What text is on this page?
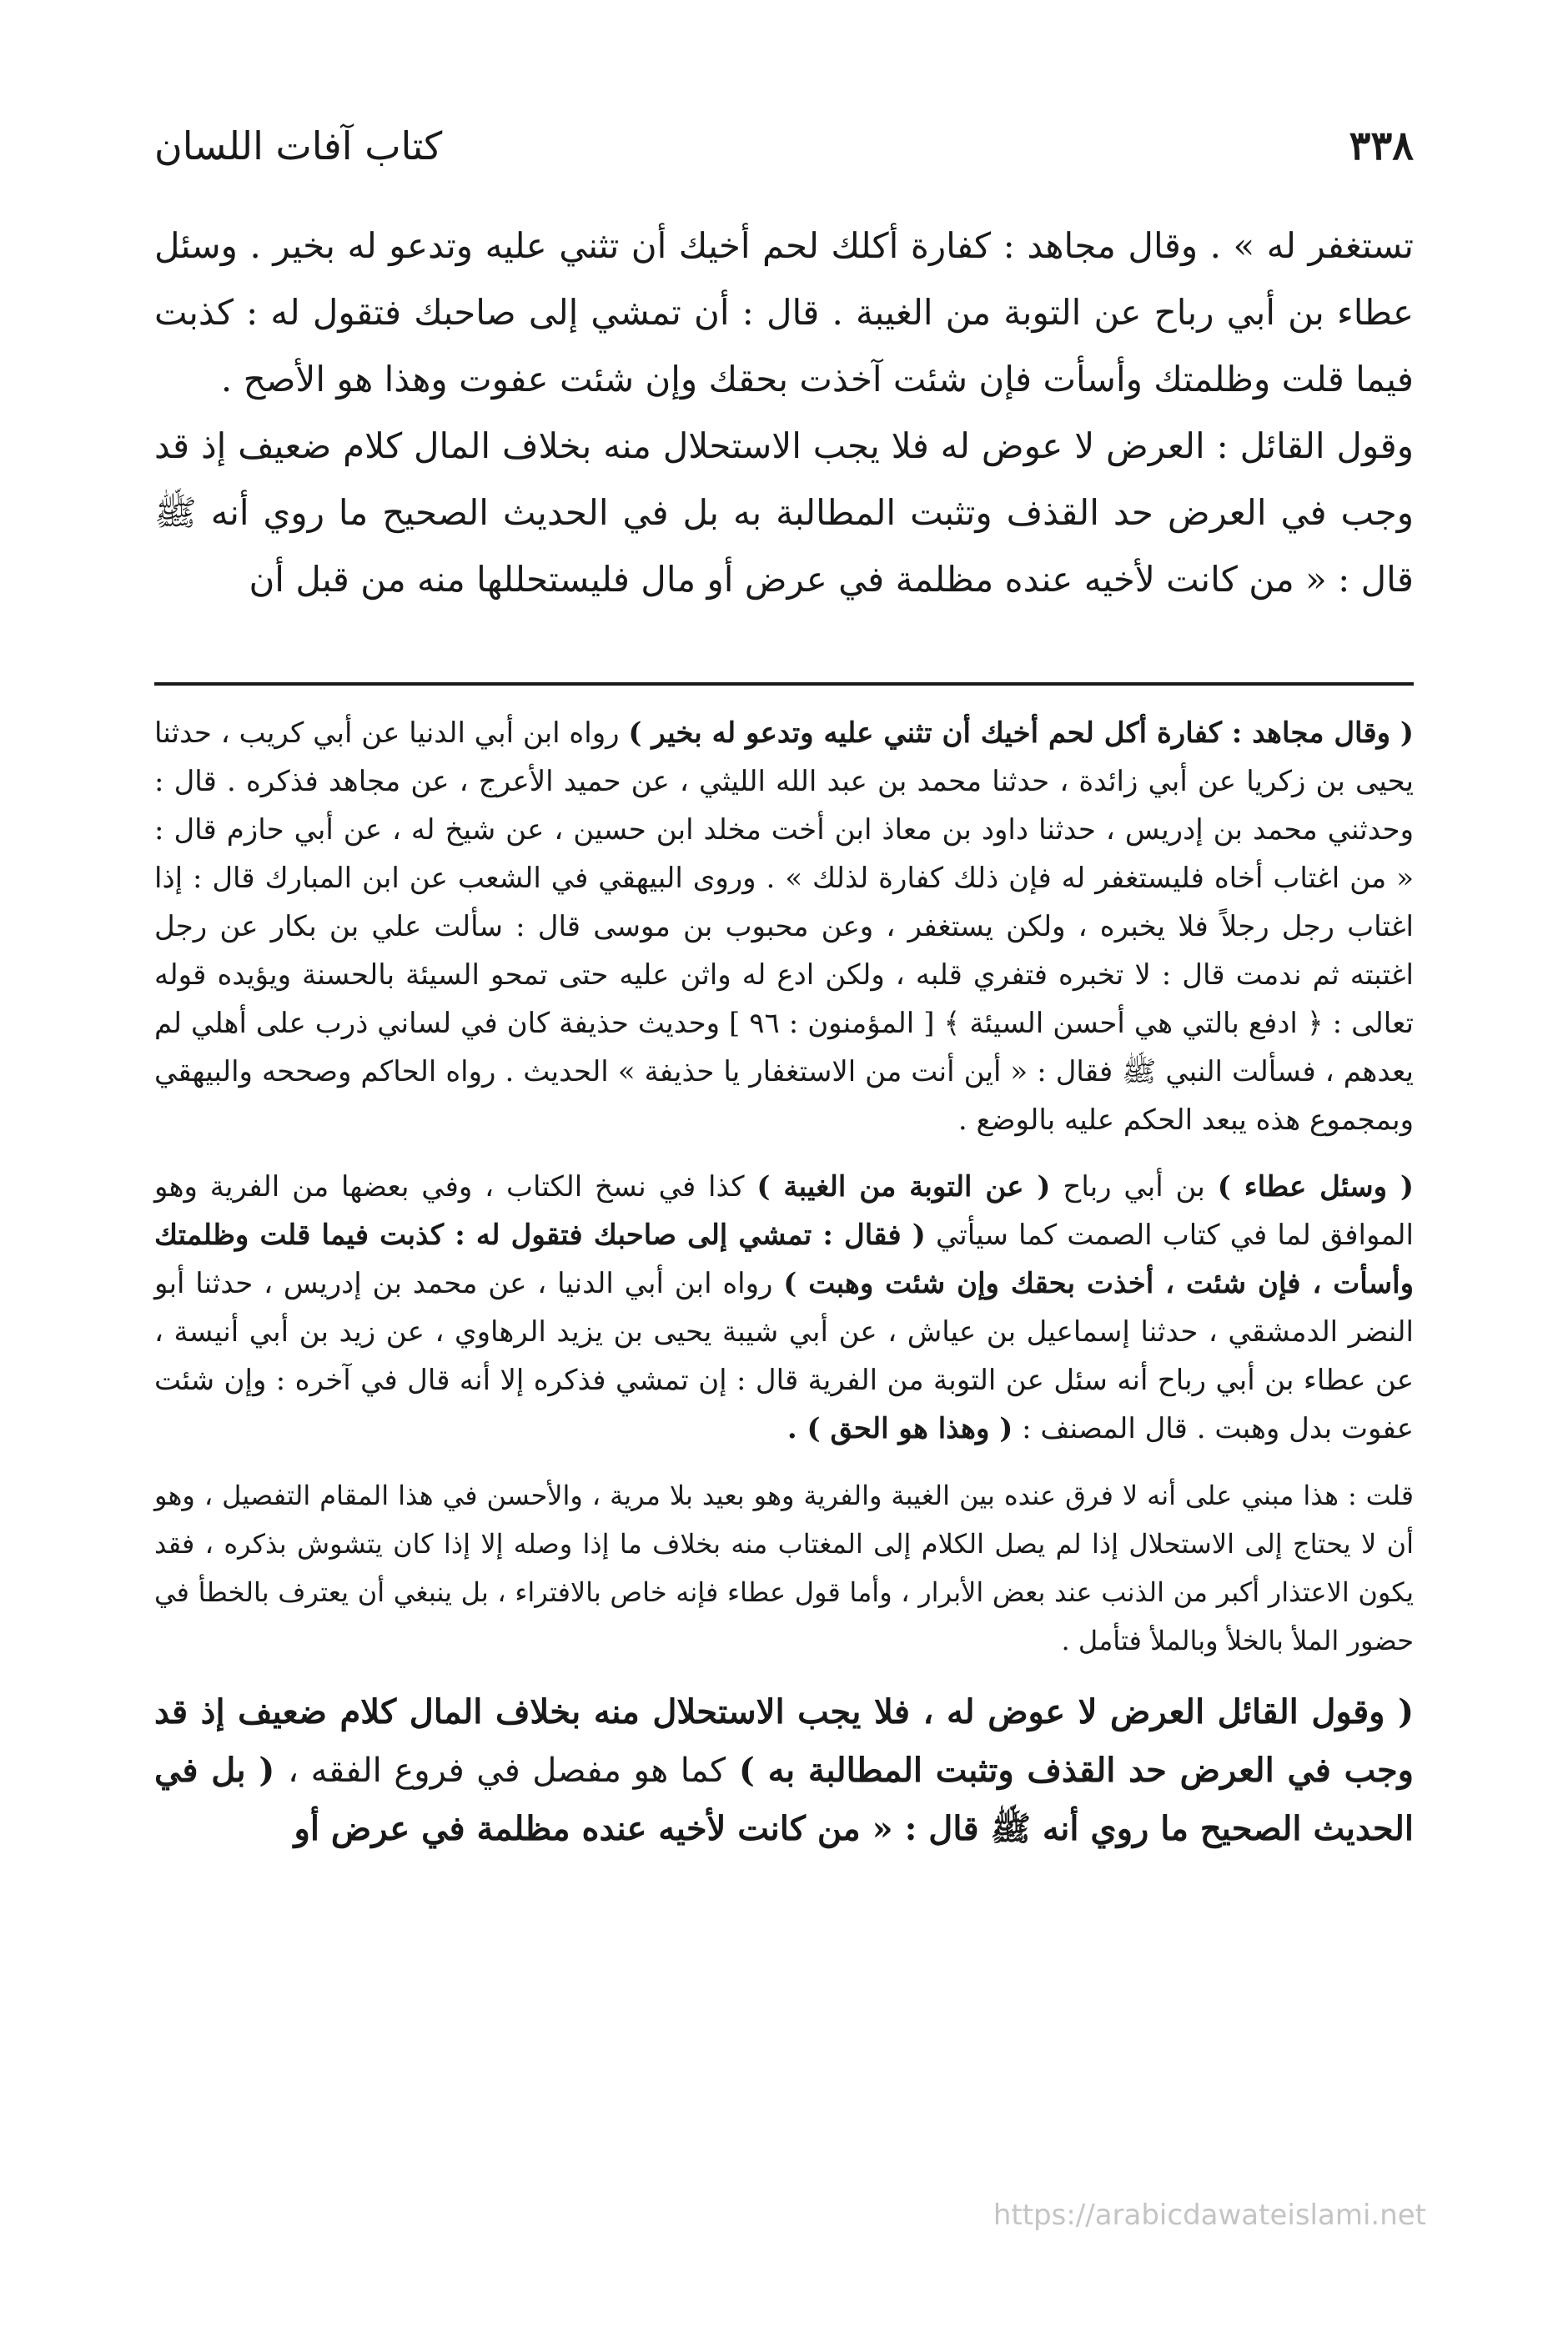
٣٣٨
كتاب آفات اللسان

تستغفر له » . وقال مجاهد : كفارة أكلك لحم أخيك أن تثني عليه وتدعو له بخير . وسئل عطاء بن أبي رباح عن التوبة من الغيبة . قال : أن تمشي إلى صاحبك فتقول له : كذبت فيما قلت وظلمتك وأسأت فإن شئت آخذت بحقك وإن شئت عفوت وهذا هو الأصح .

وقول القائل : العرض لا عوض له فلا يجب الاستحلال منه بخلاف المال كلام ضعيف إذ قد وجب في العرض حد القذف وتثبت المطالبة به بل في الحديث الصحيح ما روي أنه ﷺ قال : « من كانت لأخيه عنده مظلمة في عرض أو مال فليستحللها منه من قبل أن

( وقال مجاهد : كفارة أكل لحم أخيك أن تثني عليه وتدعو له بخير ) رواه ابن أبي الدنيا عن أبي كريب ، حدثنا يحيى بن زكريا عن أبي زائدة ، حدثنا محمد بن عبد الله الليثي ، عن حميد الأعرج ، عن مجاهد فذكره . قال : وحدثني محمد بن إدريس ، حدثنا داود بن معاذ ابن أخت مخلد ابن حسين ، عن شيخ له ، عن أبي حازم قال : « من اغتاب أخاه فليستغفر له فإن ذلك كفارة لذلك » . وروى البيهقي في الشعب عن ابن المبارك قال : إذا اغتاب رجل رجلاً فلا يخبره ، ولكن يستغفر ، وعن محبوب بن موسى قال : سألت علي بن بكار عن رجل اغتبته ثم ندمت قال : لا تخبره فتفري قلبه ، ولكن ادع له واثن عليه حتى تمحو السيئة بالحسنة ويؤيده قوله تعالى : ﴿ ادفع بالتي هي أحسن السيئة ﴾ [ المؤمنون : ٩٦ ] وحديث حذيفة كان في لساني ذرب على أهلي لم يعدهم ، فسألت النبي ﷺ فقال : « أين أنت من الاستغفار يا حذيفة » الحديث . رواه الحاكم وصححه والبيهقي وبمجموع هذه يبعد الحكم عليه بالوضع .

( وسئل عطاء ) بن أبي رباح ( عن التوبة من الغيبة ) كذا في نسخ الكتاب ، وفي بعضها من الفرية وهو الموافق لما في كتاب الصمت كما سيأتي ( فقال : تمشي إلى صاحبك فتقول له : كذبت فيما قلت وظلمتك وأسأت ، فإن شئت ، أخذت بحقك وإن شئت وهبت ) رواه ابن أبي الدنيا ، عن محمد بن إدريس ، حدثنا أبو النضر الدمشقي ، حدثنا إسماعيل بن عياش ، عن أبي شيبة يحيى بن يزيد الرهاوي ، عن زيد بن أبي أنيسة ، عن عطاء بن أبي رباح أنه سئل عن التوبة من الفرية قال : إن تمشي فذكره إلا أنه قال في آخره : وإن شئت عفوت بدل وهبت . قال المصنف : ( وهذا هو الحق ) .

قلت : هذا مبني على أنه لا فرق عنده بين الغيبة والفرية وهو بعيد بلا مرية ، والأحسن في هذا المقام التفصيل ، وهو أن لا يحتاج إلى الاستحلال إذا لم يصل الكلام إلى المغتاب منه بخلاف ما إذا وصله إلا إذا كان يتشوش بذكره ، فقد يكون الاعتذار أكبر من الذنب عند بعض الأبرار ، وأما قول عطاء فإنه خاص بالافتراء ، بل ينبغي أن يعترف بالخطأ في حضور الملأ بالخلأ وبالملأ فتأمل .

( وقول القائل العرض لا عوض له ، فلا يجب الاستحلال منه بخلاف المال كلام ضعيف إذ قد وجب في العرض حد القذف وتثبت المطالبة به ) كما هو مفصل في فروع الفقه ، ( بل في الحديث الصحيح ما روي أنه ﷺ قال : « من كانت لأخيه عنده مظلمة في عرض أو

https://arabicdawateislami.net
